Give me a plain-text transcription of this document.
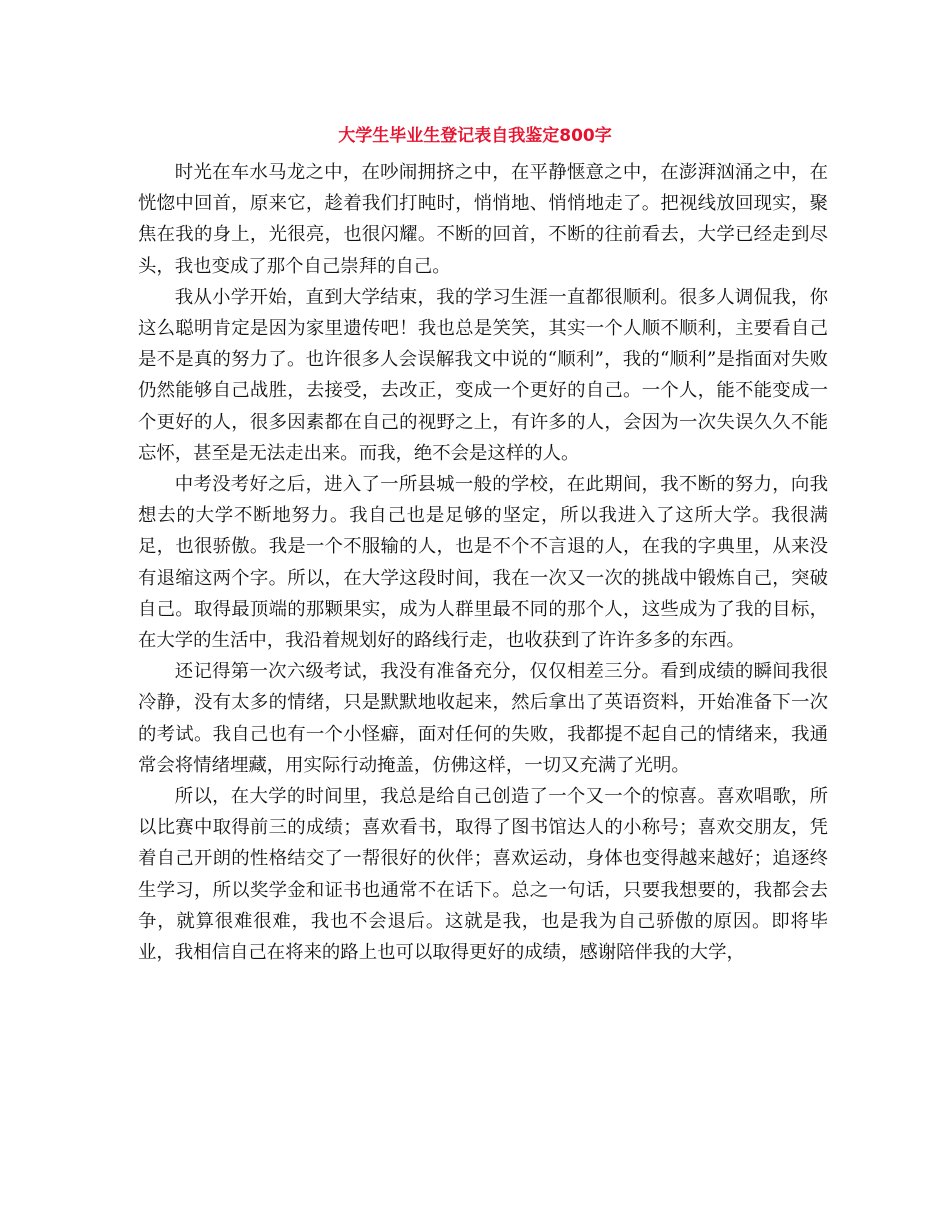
大学生毕业生登记表自我鉴定800字

时光在车水马龙之中，在吵闹拥挤之中，在平静惬意之中，在澎湃汹涌之中，在恍惚中回首，原来它，趁着我们打盹时，悄悄地、悄悄地走了。把视线放回现实，聚焦在我的身上，光很亮，也很闪耀。不断的回首，不断的往前看去，大学已经走到尽头，我也变成了那个自己崇拜的自己。

我从小学开始，直到大学结束，我的学习生涯一直都很顺利。很多人调侃我，你这么聪明肯定是因为家里遗传吧！我也总是笑笑，其实一个人顺不顺利，主要看自己是不是真的努力了。也许很多人会误解我文中说的“顺利”，我的“顺利”是指面对失败仍然能够自己战胜，去接受，去改正，变成一个更好的自己。一个人，能不能变成一个更好的人，很多因素都在自己的视野之上，有许多的人，会因为一次失误久久不能忘怀，甚至是无法走出来。而我，绝不会是这样的人。

中考没考好之后，进入了一所县城一般的学校，在此期间，我不断的努力，向我想去的大学不断地努力。我自己也是足够的坚定，所以我进入了这所大学。我很满足，也很骄傲。我是一个不服输的人，也是不个不言退的人，在我的字典里，从来没有退缩这两个字。所以，在大学这段时间，我在一次又一次的挑战中锻炼自己，突破自己。取得最顶端的那颗果实，成为人群里最不同的那个人，这些成为了我的目标，在大学的生活中，我沿着规划好的路线行走，也收获到了许许多多的东西。

还记得第一次六级考试，我没有准备充分，仅仅相差三分。看到成绩的瞬间我很冷静，没有太多的情绪，只是默默地收起来，然后拿出了英语资料，开始准备下一次的考试。我自己也有一个小怪癖，面对任何的失败，我都提不起自己的情绪来，我通常会将情绪埋藏，用实际行动掩盖，仿佛这样，一切又充满了光明。

所以，在大学的时间里，我总是给自己创造了一个又一个的惊喜。喜欢唱歌，所以比赛中取得前三的成绩；喜欢看书，取得了图书馆达人的小称号；喜欢交朋友，凭着自己开朗的性格结交了一帮很好的伙伴；喜欢运动，身体也变得越来越好；追逐终生学习，所以奖学金和证书也通常不在话下。总之一句话，只要我想要的，我都会去争，就算很难很难，我也不会退后。这就是我，也是我为自己骄傲的原因。即将毕业，我相信自己在将来的路上也可以取得更好的成绩，感谢陪伴我的大学，
